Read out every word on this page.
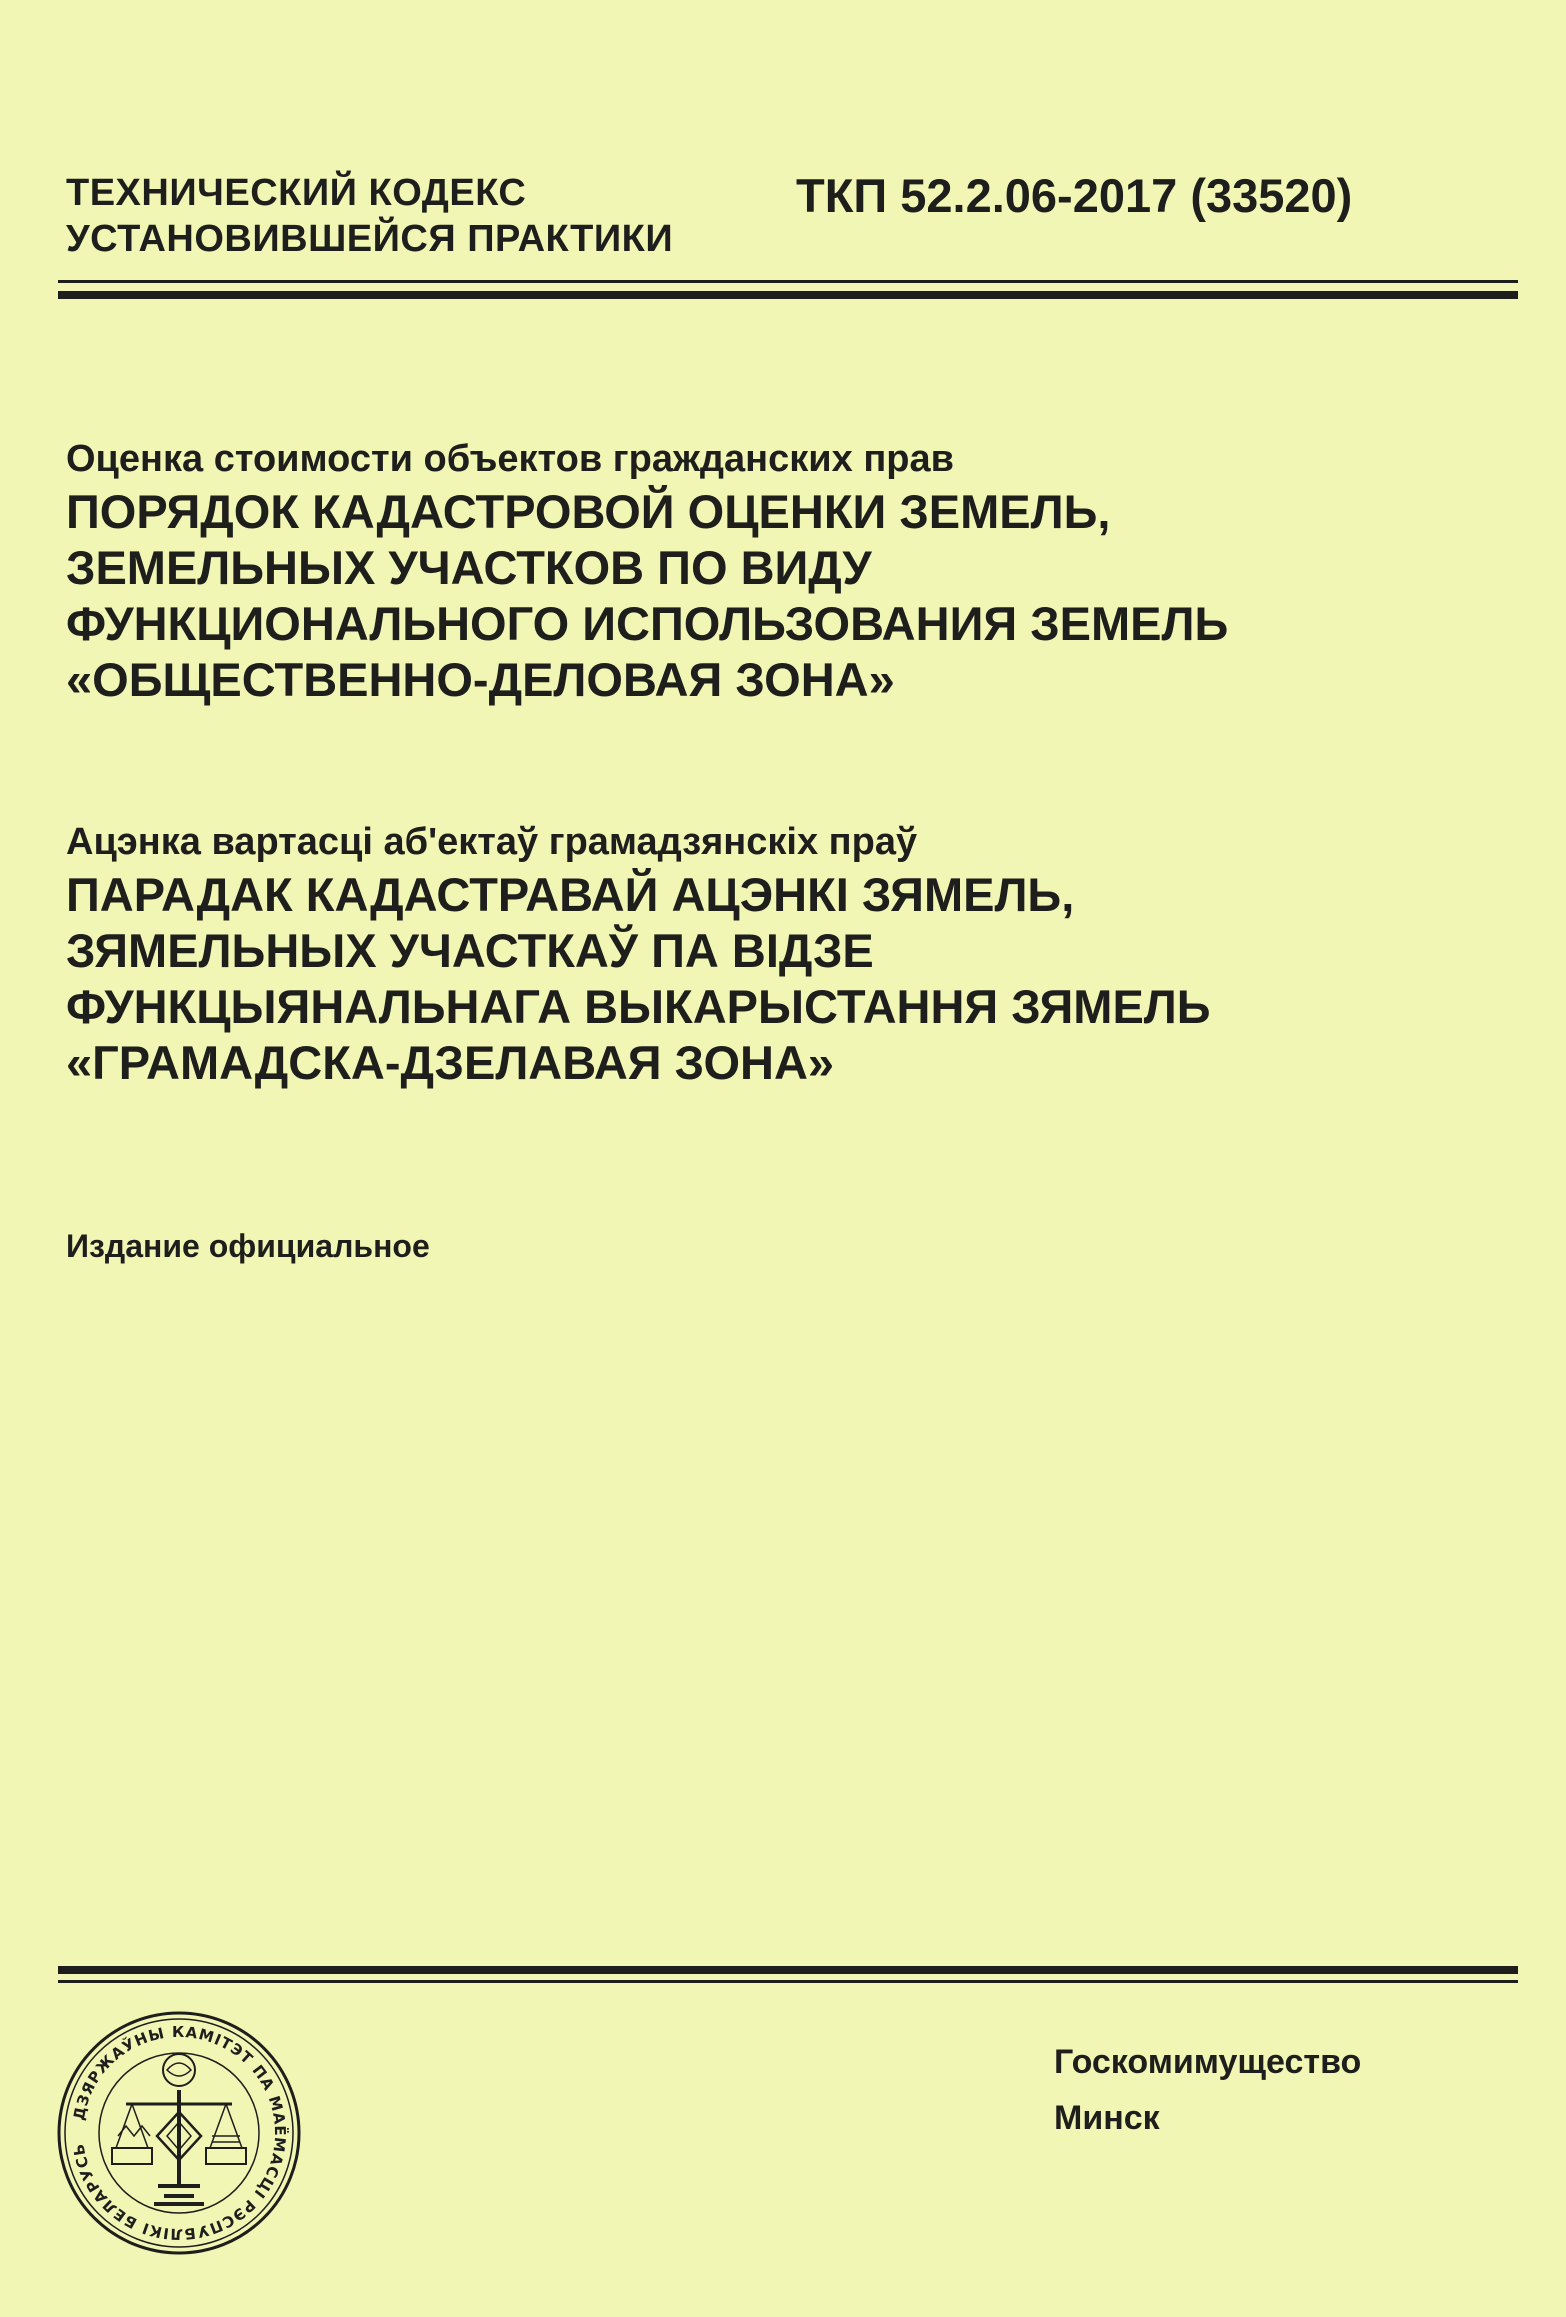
ТЕХНИЧЕСКИЙ КОДЕКС
УСТАНОВИВШЕЙСЯ ПРАКТИКИ
ТКП 52.2.06-2017 (33520)
Оценка стоимости объектов гражданских прав
ПОРЯДОК КАДАСТРОВОЙ ОЦЕНКИ ЗЕМЕЛЬ,
ЗЕМЕЛЬНЫХ УЧАСТКОВ ПО ВИДУ
ФУНКЦИОНАЛЬНОГО ИСПОЛЬЗОВАНИЯ ЗЕМЕЛЬ
«ОБЩЕСТВЕННО-ДЕЛОВАЯ ЗОНА»
Ацэнка вартасці аб'ектаў грамадзянскіх праў
ПАРАДАК КАДАСТРАВАЙ АЦЭНКІ ЗЯМЕЛЬ,
ЗЯМЕЛЬНЫХ УЧАСТКАЎ ПА ВІДЗЕ
ФУНКЦЫЯНАЛЬНАГА ВЫКАРЫСТАННЯ ЗЯМЕЛЬ
«ГРАМАДСКА-ДЗЕЛАВАЯ ЗОНА»
Издание официальное
ДЗЯРЖАЎНЫ КАМІТЭТ ПА МАЁМАСЦІ РЭСПУБЛІКІ БЕЛАРУСЬ
Госкомимущество
Минск
